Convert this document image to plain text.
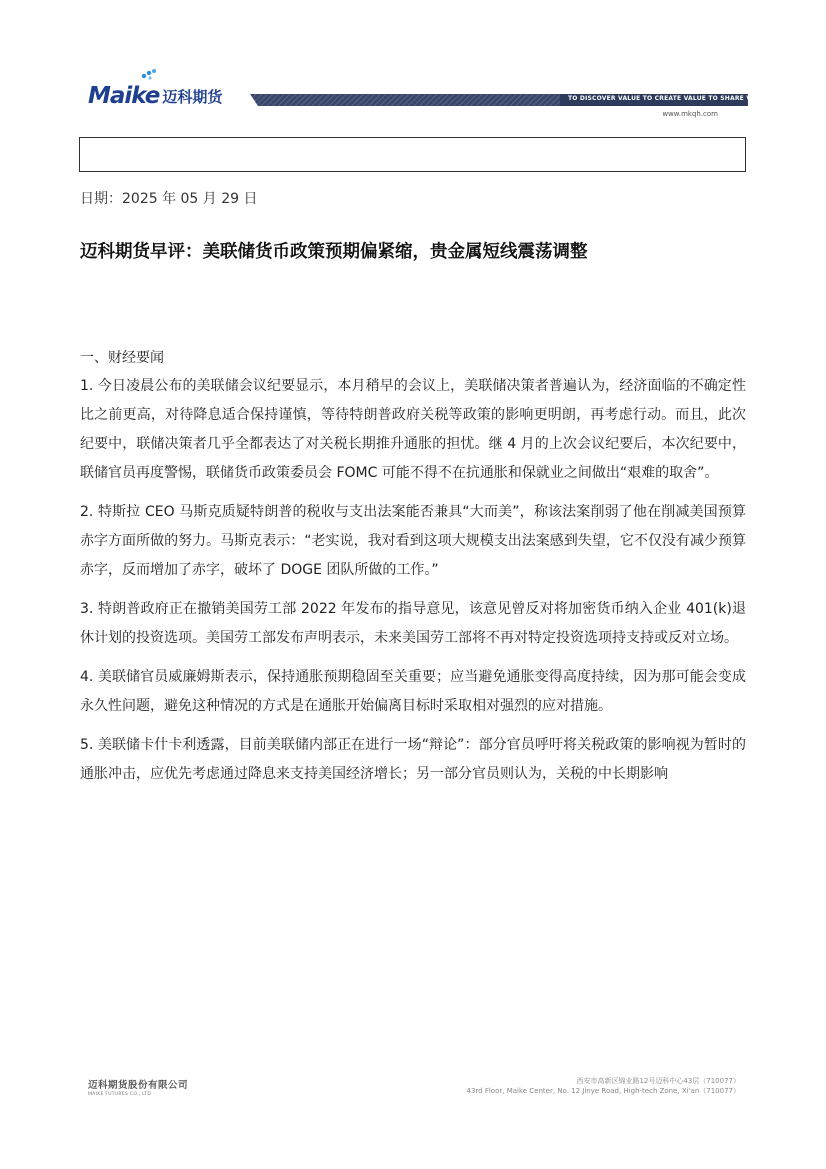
Maike 迈科期货	TO DISCOVER VALUE TO CREATE VALUE TO SHARE VALUE
www.mkqh.com
日期：2025 年 05 月 29 日
迈科期货早评：美联储货币政策预期偏紧缩，贵金属短线震荡调整
一、财经要闻

1. 今日凌晨公布的美联储会议纪要显示，本月稍早的会议上，美联储决策者普遍认为，经济面临的不确定性比之前更高，对待降息适合保持谨慎，等待特朗普政府关税等政策的影响更明朗，再考虑行动。而且，此次纪要中，联储决策者几乎全都表达了对关税长期推升通胀的担忧。继 4 月的上次会议纪要后，本次纪要中，联储官员再度警惕，联储货币政策委员会 FOMC 可能不得不在抗通胀和保就业之间做出“艰难的取舍”。

2. 特斯拉 CEO 马斯克质疑特朗普的税收与支出法案能否兼具“大而美”，称该法案削弱了他在削减美国预算赤字方面所做的努力。马斯克表示：“老实说，我对看到这项大规模支出法案感到失望，它不仅没有减少预算赤字，反而增加了赤字，破坏了 DOGE 团队所做的工作。”

3. 特朗普政府正在撤销美国劳工部 2022 年发布的指导意见，该意见曾反对将加密货币纳入企业 401(k)退休计划的投资选项。美国劳工部发布声明表示，未来美国劳工部将不再对特定投资选项持支持或反对立场。

4. 美联储官员威廉姆斯表示，保持通胀预期稳固至关重要；应当避免通胀变得高度持续，因为那可能会变成永久性问题，避免这种情况的方式是在通胀开始偏离目标时采取相对强烈的应对措施。

5. 美联储卡什卡利透露，目前美联储内部正在进行一场“辩论”：部分官员呼吁将关税政策的影响视为暂时的通胀冲击，应优先考虑通过降息来支持美国经济增长；另一部分官员则认为，关税的中长期影响

迈科期货股份有限公司
MAIKE FUTURES CO., LTD.
西安市高新区锦业路12号迈科中心43层（710077）
43rd Floor, Maike Center, No. 12 Jinye Road, High-tech Zone, Xi'an（710077）
